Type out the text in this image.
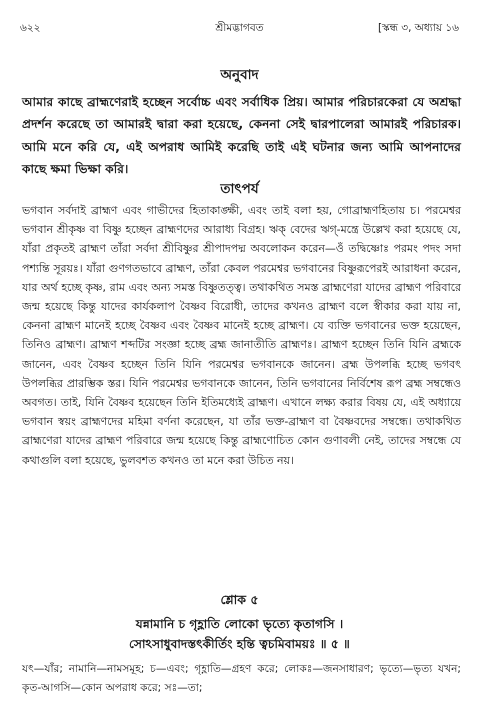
৬২২	শ্রীমদ্ভাগবত	[স্কন্ধ ৩, অধ্যায় ১৬
অনুবাদ

আমার কাছে ব্রাহ্মণেরাই হচ্ছেন সর্বোচ্চ এবং সর্বাধিক প্রিয়। আমার পরিচারকেরা যে অশ্রদ্ধা প্রদর্শন করেছে তা আমারই দ্বারা করা হয়েছে, কেননা সেই দ্বারপালেরা আমারই পরিচারক। আমি মনে করি যে, এই অপরাধ আমিই করেছি তাই এই ঘটনার জন্য আমি আপনাদের কাছে ক্ষমা ভিক্ষা করি।

তাৎপর্য

ভগবান সর্বদাই ব্রাহ্মণ এবং গাভীদের হিতাকাঙ্ক্ষী, এবং তাই বলা হয়, গোব্রাহ্মণহিতায় চ। পরমেশ্বর ভগবান শ্রীকৃষ্ণ বা বিষ্ণু হচ্ছেন ব্রাহ্মণদের আরাধ্য বিগ্রহ। ঋক্ বেদের ঋগ্-মন্ত্রে উল্লেখ করা হয়েছে যে, যাঁরা প্রকৃতই ব্রাহ্মণ তাঁরা সর্বদা শ্রীবিষ্ণুর শ্রীপাদপদ্ম অবলোকন করেন—ওঁ তদ্বিষ্ণোঃ পরমং পদং সদা পশ্যন্তি সূরয়ঃ। যাঁরা গুণগতভাবে ব্রাহ্মণ, তাঁরা কেবল পরমেশ্বর ভগবানের বিষ্ণুরূপেরই আরাধনা করেন, যার অর্থ হচ্ছে কৃষ্ণ, রাম এবং অন্য সমস্ত বিষ্ণুতত্ত্ব। তথাকথিত সমস্ত ব্রাহ্মণেরা যাদের ব্রাহ্মণ পরিবারে জন্ম হয়েছে কিন্তু যাদের কার্যকলাপ বৈষ্ণব বিরোধী, তাদের কখনও ব্রাহ্মণ বলে স্বীকার করা যায় না, কেননা ব্রাহ্মণ মানেই হচ্ছে বৈষ্ণব এবং বৈষ্ণব মানেই হচ্ছে ব্রাহ্মণ। যে ব্যক্তি ভগবানের ভক্ত হয়েছেন, তিনিও ব্রাহ্মণ। ব্রাহ্মণ শব্দটির সংজ্ঞা হচ্ছে ব্রহ্ম জানাতীতি ব্রাহ্মণঃ। ব্রাহ্মণ হচ্ছেন তিনি যিনি ব্রহ্মকে জানেন, এবং বৈষ্ণব হচ্ছেন তিনি যিনি পরমেশ্বর ভগবানকে জানেন। ব্রহ্ম উপলব্ধি হচ্ছে ভগবৎ উপলব্ধির প্রারম্ভিক স্তর। যিনি পরমেশ্বর ভগবানকে জানেন, তিনি ভগবানের নির্বিশেষ রূপ ব্রহ্ম সম্বন্ধেও অবগত। তাই, যিনি বৈষ্ণব হয়েছেন তিনি ইতিমধ্যেই ব্রাহ্মণ। এখানে লক্ষ্য করার বিষয় যে, এই অধ্যায়ে ভগবান স্বয়ং ব্রাহ্মণদের মহিমা বর্ণনা করেছেন, যা তাঁর ভক্ত-ব্রাহ্মণ বা বৈষ্ণবদের সম্বন্ধে। তথাকথিত ব্রাহ্মণেরা যাদের ব্রাহ্মণ পরিবারে জন্ম হয়েছে কিন্তু ব্রাহ্মণোচিত কোন গুণাবলী নেই, তাদের সম্বন্ধে যে কথাগুলি বলা হয়েছে, ভুলবশত কখনও তা মনে করা উচিত নয়।

শ্লোক ৫
যন্নামানি চ গৃহ্ণাতি লোকো ভৃত্যে কৃতাগসি ।
সোঽসাধুবাদস্তৎকীর্তিং হন্তি ত্বচমিবাময়ঃ ॥ ৫ ॥

যৎ—যাঁর; নামানি—নামসমূহ; চ—এবং; গৃহ্ণাতি—গ্রহণ করে; লোকঃ—জনসাধারণ; ভৃত্যে—ভৃত্য যখন; কৃত-আগসি—কোন অপরাধ করে; সঃ—তা;
